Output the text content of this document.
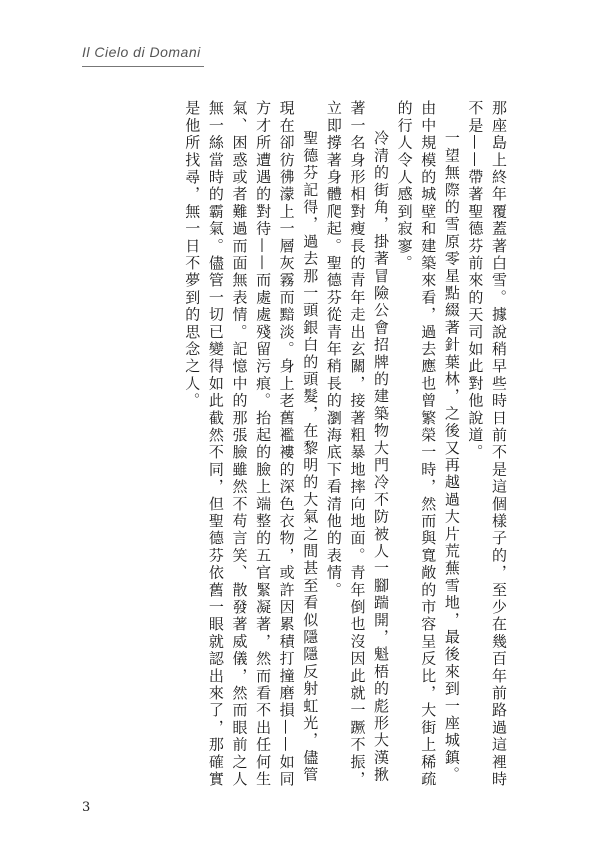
Il Cielo di Domani

那座島上終年覆蓋著白雪。據說稍早些時日前不是這個樣子的，至少在幾百年前路過這裡時不是——帶著聖德芬前來的天司如此對他說道。

一望無際的雪原零星點綴著針葉林，之後又再越過大片荒蕪雪地，最後來到一座城鎮。由中規模的城壁和建築來看，過去應也曾繁榮一時，然而與寬敞的市容呈反比，大街上稀疏的行人令人感到寂寥。

冷清的街角，掛著冒險公會招牌的建築物大門冷不防被人一腳踹開，魁梧的彪形大漢揪著一名身形相對瘦長的青年走出玄關，接著粗暴地摔向地面。青年倒也沒因此就一蹶不振，立即撐著身體爬起。聖德芬從青年稍長的瀏海底下看清他的表情。

聖德芬記得，過去那一頭銀白的頭髮，在黎明的大氣之間甚至看似隱隱反射虹光，儘管現在卻彷彿濛上一層灰霧而黯淡。身上老舊襤褸的深色衣物，或許因累積打撞磨損——如同方才所遭遇的對待——而處處殘留污痕。抬起的臉上端整的五官緊凝著，然而看不出任何生氣、困惑或者難過而面無表情。記憶中的那張臉雖然不苟言笑、散發著威儀，然而眼前之人無一絲當時的霸氣。儘管一切已變得如此截然不同，但聖德芬依舊一眼就認出來了，那確實是他所找尋，無一日不夢到的思念之人。

3
